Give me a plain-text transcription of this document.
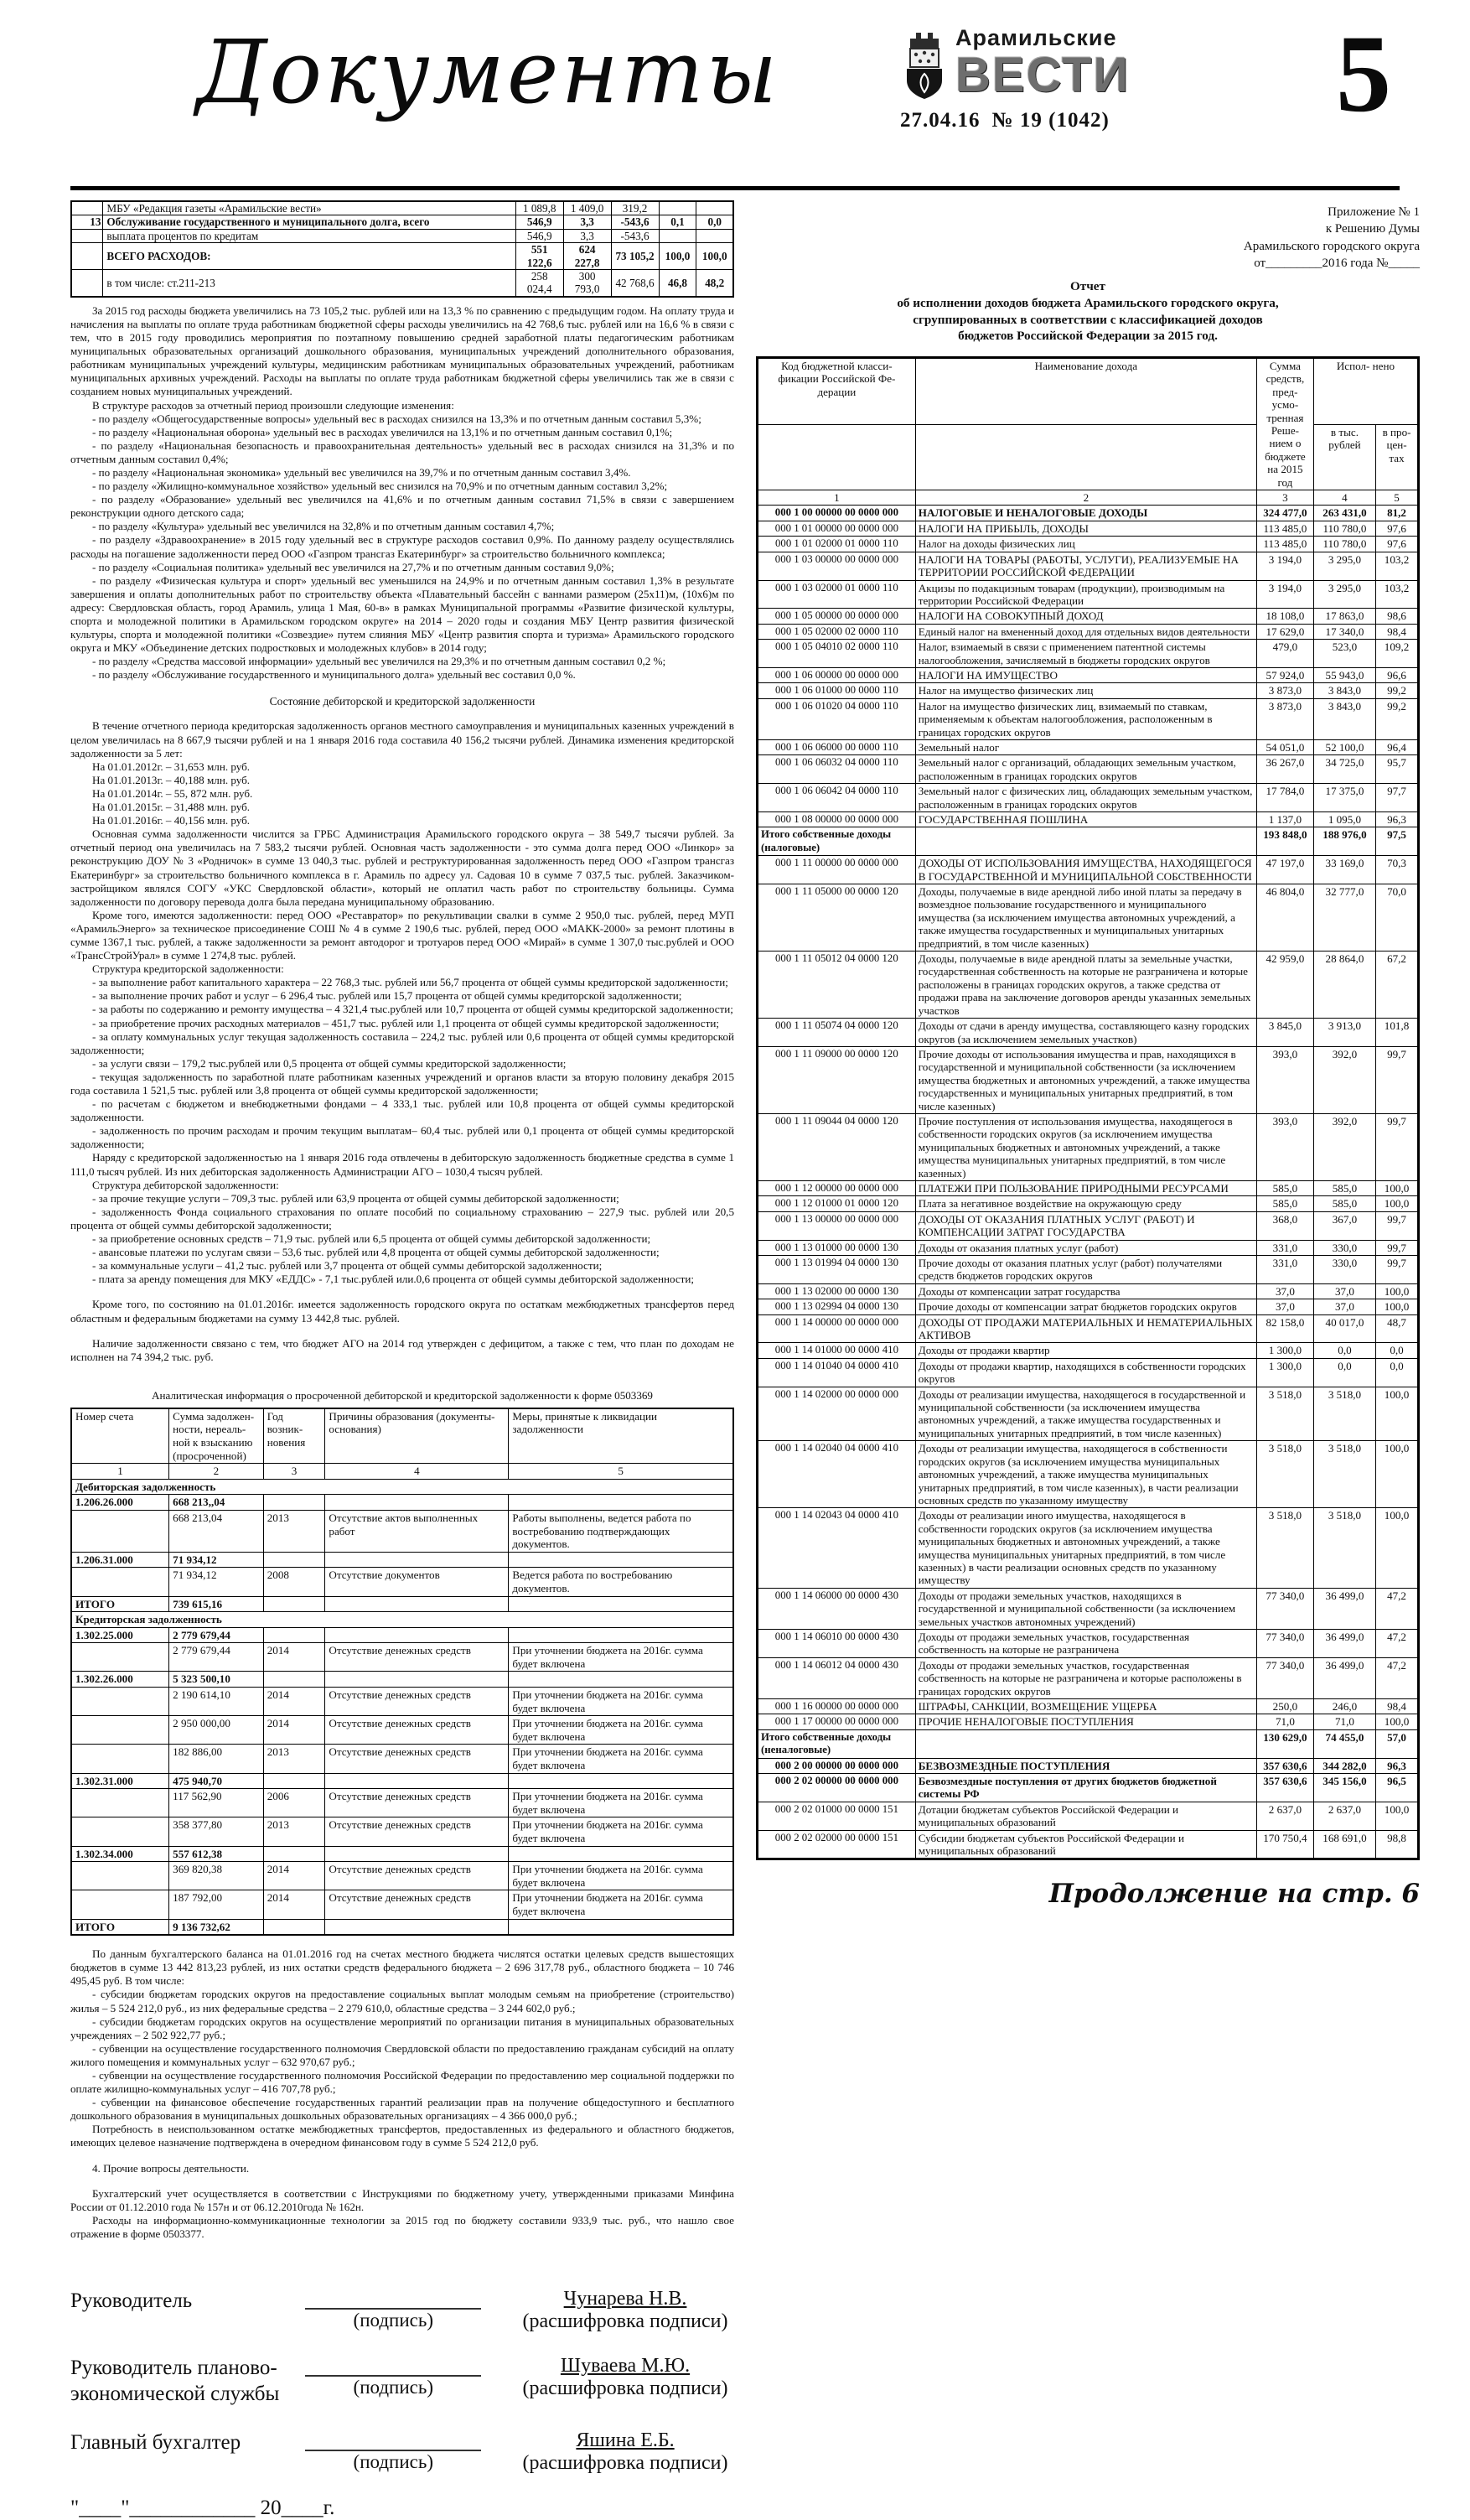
Документы	Арамильские
ВЕСТИ
27.04.16 № 19 (1042)	5
	МБУ «Редакция газеты «Арамильские вести»	1 089,8	1 409,0	319,2		
13	Обслуживание государственного и муниципального долга, всего	546,9	3,3	-543,6	0,1	0,0
	выплата процентов по кредитам	546,9	3,3	-543,6		
	ВСЕГО РАСХОДОВ:	551 122,6	624 227,8	73 105,2	100,0	100,0
	в том числе: ст.211-213	258 024,4	300 793,0	42 768,6	46,8	48,2

За 2015 год расходы бюджета увеличились на 73 105,2 тыс. рублей или на 13,3 % по сравнению с предыдущим годом. На оплату труда и начисления на выплаты по оплате труда работникам бюджетной сферы расходы увеличились на 42 768,6 тыс. рублей или на 16,6 % в связи с тем, что в 2015 году проводились мероприятия по поэтапному повышению средней заработной платы педагогическим работникам муниципальных образовательных организаций дошкольного образования, муниципальных учреждений дополнительного образования, работникам муниципальных учреждений культуры, медицинским работникам муниципальных образовательных учреждений, работникам муниципальных архивных учреждений. Расходы на выплаты по оплате труда работникам бюджетной сферы увеличились так же в связи с созданием новых муниципальных учреждений.

В структуре расходов за отчетный период произошли следующие изменения:

- по разделу «Общегосударственные вопросы» удельный вес в расходах снизился на 13,3% и по отчетным данным составил 5,3%;

- по разделу «Национальная оборона» удельный вес в расходах увеличился на 13,1% и по отчетным данным составил 0,1%;

- по разделу «Национальная безопасность и правоохранительная деятельность» удельный вес в расходах снизился на 31,3% и по отчетным данным составил 0,4%;

- по разделу «Национальная экономика» удельный вес увеличился на 39,7% и по отчетным данным составил 3,4%.

- по разделу «Жилищно-коммунальное хозяйство» удельный вес снизился на 70,9% и по отчетным данным составил 3,2%;

- по разделу «Образование» удельный вес увеличился на 41,6% и по отчетным данным составил 71,5% в связи с завершением реконструкции одного детского сада;

- по разделу «Культура» удельный вес увеличился на 32,8% и по отчетным данным составил 4,7%;

- по разделу «Здравоохранение» в 2015 году удельный вес в структуре расходов составил 0,9%. По данному разделу осуществлялись расходы на погашение задолженности перед ООО «Газпром трансгаз Екатеринбург» за строительство больничного комплекса;

- по разделу «Социальная политика» удельный вес увеличился на 27,7% и по отчетным данным составил 9,0%;

- по разделу «Физическая культура и спорт» удельный вес уменьшился на 24,9% и по отчетным данным составил 1,3% в результате завершения и оплаты дополнительных работ по строительству объекта «Плавательный бассейн с ваннами размером (25х11)м, (10х6)м по адресу: Свердловская область, город Арамиль, улица 1 Мая, 60-в» в рамках Муниципальной программы «Развитие физической культуры, спорта и молодежной политики в Арамильском городском округе» на 2014 – 2020 годы и создания МБУ Центр развития физической культуры, спорта и молодежной политики «Созвездие» путем слияния МБУ «Центр развития спорта и туризма» Арамильского городского округа и МКУ «Объединение детских подростковых и молодежных клубов» в 2014 году;

- по разделу «Средства массовой информации» удельный вес увеличился на 29,3% и по отчетным данным составил 0,2 %;

- по разделу «Обслуживание государственного и муниципального долга» удельный вес составил 0,0 %.

Состояние дебиторской и кредиторской задолженности

В течение отчетного периода кредиторская задолженность органов местного самоуправления и муниципальных казенных учреждений в целом увеличилась на 8 667,9 тысячи рублей и на 1 января 2016 года составила 40 156,2 тысячи рублей. Динамика изменения кредиторской задолженности за 5 лет:

На 01.01.2012г. – 31,653 млн. руб.

На 01.01.2013г. – 40,188 млн. руб.

На 01.01.2014г. – 55, 872 млн. руб.

На 01.01.2015г. – 31,488 млн. руб.

На 01.01.2016г. – 40,156 млн. руб.

Основная сумма задолженности числится за ГРБС Администрация Арамильского городского округа – 38 549,7 тысячи рублей. За отчетный период она увеличилась на 7 583,2 тысячи рублей. Основная часть задолженности - это сумма долга перед ООО «Линкор» за реконструкцию ДОУ № 3 «Родничок» в сумме 13 040,3 тыс. рублей и реструктурированная задолженность перед ООО «Газпром трансгаз Екатеринбург» за строительство больничного комплекса в г. Арамиль по адресу ул. Садовая 10 в сумме 7 037,5 тыс. рублей. Заказчиком-застройщиком являлся СОГУ «УКС Свердловской области», который не оплатил часть работ по строительству больницы. Сумма задолженности по договору перевода долга была передана муниципальному образованию.

Кроме того, имеются задолженности: перед ООО «Реставратор» по рекультивации свалки в сумме 2 950,0 тыс. рублей, перед МУП «АрамильЭнерго» за техническое присоединение СОШ № 4 в сумме 2 190,6 тыс. рублей, перед ООО «МАКК-2000» за ремонт плотины в сумме 1367,1 тыс. рублей, а также задолженности за ремонт автодорог и тротуаров перед ООО «Мирай» в сумме 1 307,0 тыс.рублей и ООО «ТрансСтройУрал» в сумме 1 274,8 тыс. рублей.

Структура кредиторской задолженности:

- за выполнение работ капитального характера – 22 768,3 тыс. рублей или 56,7 процента от общей суммы кредиторской задолженности;

- за выполнение прочих работ и услуг – 6 296,4 тыс. рублей или 15,7 процента от общей суммы кредиторской задолженности;

- за работы по содержанию и ремонту имущества – 4 321,4 тыс.рублей или 10,7 процента от общей суммы кредиторской задолженности;

- за приобретение прочих расходных материалов – 451,7 тыс. рублей или 1,1 процента от общей суммы кредиторской задолженности;

- за оплату коммунальных услуг текущая задолженность составила – 224,2 тыс. рублей или 0,6 процента от общей суммы кредиторской задолженности;

- за услуги связи – 179,2 тыс.рублей или 0,5 процента от общей суммы кредиторской задолженности;

- текущая задолженность по заработной плате работникам казенных учреждений и органов власти за вторую половину декабря 2015 года составила 1 521,5 тыс. рублей или 3,8 процента от общей суммы кредиторской задолженности;

- по расчетам с бюджетом и внебюджетными фондами – 4 333,1 тыс. рублей или 10,8 процента от общей суммы кредиторской задолженности.

- задолженность по прочим расходам и прочим текущим выплатам– 60,4 тыс. рублей или 0,1 процента от общей суммы кредиторской задолженности;

Наряду с кредиторской задолженностью на 1 января 2016 года отвлечены в дебиторскую задолженность бюджетные средства в сумме 1 111,0 тысяч рублей. Из них дебиторская задолженность Администрации АГО – 1030,4 тысяч рублей.

Структура дебиторской задолженности:

- за прочие текущие услуги – 709,3 тыс. рублей или 63,9 процента от общей суммы дебиторской задолженности;

- задолженность Фонда социального страхования по оплате пособий по социальному страхованию – 227,9 тыс. рублей или 20,5 процента от общей суммы дебиторской задолженности;

- за приобретение основных средств – 71,9 тыс. рублей или 6,5 процента от общей суммы дебиторской задолженности;

- авансовые платежи по услугам связи – 53,6 тыс. рублей или 4,8 процента от общей суммы дебиторской задолженности;

- за коммунальные услуги – 41,2 тыс. рублей или 3,7 процента от общей суммы дебиторской задолженности;

- плата за аренду помещения для МКУ «ЕДДС» - 7,1 тыс.рублей или.0,6 процента от общей суммы дебиторской задолженности;

Кроме того, по состоянию на 01.01.2016г. имеется задолженность городского округа по остаткам межбюджетных трансфертов перед областным и федеральным бюджетами на сумму 13 442,8 тыс. рублей.

Наличие задолженности связано с тем, что бюджет АГО на 2014 год утвержден с дефицитом, а также с тем, что план по доходам не исполнен на 74 394,2 тыс. руб.

Аналитическая информация о просроченной дебиторской и кредиторской задолженности к форме 0503369
Номер счета	Сумма задолжен- ности, нереаль- ной к взысканию (просроченной)	Год возник- новения	Причины образования (документы- основания)	Меры, принятые к ликвидации задолженности
1	2	3	4	5
Дебиторская задолженность				
1.206.26.000	668 213,,04			
	668 213,04	2013	Отсутствие актов выполненных работ	Работы выполнены, ведется работа по востребованию подтверждающих документов.
1.206.31.000	71 934,12			
	71 934,12	2008	Отсутствие документов	Ведется работа по востребованию документов.
ИТОГО	739 615,16			
Кредиторская задолженность				
1.302.25.000	2 779 679,44			
	2 779 679,44	2014	Отсутствие денежных средств	При уточнении бюджета на 2016г. сумма будет включена
1.302.26.000	5 323 500,10			
	2 190 614,10	2014	Отсутствие денежных средств	При уточнении бюджета на 2016г. сумма будет включена
	2 950 000,00	2014	Отсутствие денежных средств	При уточнении бюджета на 2016г. сумма будет включена
	182 886,00	2013	Отсутствие денежных средств	При уточнении бюджета на 2016г. сумма будет включена
1.302.31.000	475 940,70			
	117 562,90	2006	Отсутствие денежных средств	При уточнении бюджета на 2016г. сумма будет включена
	358 377,80	2013	Отсутствие денежных средств	При уточнении бюджета на 2016г. сумма будет включена
1.302.34.000	557 612,38			
	369 820,38	2014	Отсутствие денежных средств	При уточнении бюджета на 2016г. сумма будет включена
	187 792,00	2014	Отсутствие денежных средств	При уточнении бюджета на 2016г. сумма будет включена
ИТОГО	9 136 732,62			

По данным бухгалтерского баланса на 01.01.2016 год на счетах местного бюджета числятся остатки целевых средств вышестоящих бюджетов в сумме 13 442 813,23 рублей, из них остатки средств федерального бюджета – 2 696 317,78 руб., областного бюджета – 10 746 495,45 руб. В том числе:

- субсидии бюджетам городских округов на предоставление социальных выплат молодым семьям на приобретение (строительство) жилья – 5 524 212,0 руб., из них федеральные средства – 2 279 610,0, областные средства – 3 244 602,0 руб.;

- субсидии бюджетам городских округов на осуществление мероприятий по организации питания в муниципальных образовательных учреждениях – 2 502 922,77 руб.;

- субвенции на осуществление государственного полномочия Свердловской области по предоставлению гражданам субсидий на оплату жилого помещения и коммунальных услуг – 632 970,67 руб.;

- субвенции на осуществление государственного полномочия Российской Федерации по предоставлению мер социальной поддержки по оплате жилищно-коммунальных услуг – 416 707,78 руб.;

- субвенции на финансовое обеспечение государственных гарантий реализации прав на получение общедоступного и бесплатного дошкольного образования в муниципальных дошкольных образовательных организациях – 4 366 000,0 руб.;

Потребность в неиспользованном остатке межбюджетных трансфертов, предоставленных из федерального и областного бюджетов, имеющих целевое назначение подтверждена в очередном финансовом году в сумме 5 524 212,0 руб.

4. Прочие вопросы деятельности.

Бухгалтерский учет осуществляется в соответствии с Инструкциями по бюджетному учету, утвержденными приказами Минфина России от 01.12.2010 года № 157н и от 06.12.2010года № 162н.

Расходы на информационно-коммуникационные технологии за 2015 год по бюджету составили 933,9 тыс. руб., что нашло свое отражение в форме 0503377.

Руководитель
(подпись)
Чунарева Н.В.
(расшифровка подписи)
Руководитель планово-экономической службы	(подпись)
Шуваева М.Ю.
(расшифровка подписи)
Главный бухгалтер
(подпись)
Яшина Е.Б.
(расшифровка подписи)
"____"____________ 20____г.
Приложение № 1
к Решению Думы
Арамильского городского округа
от_________2016 года №_____
Отчет
об исполнении доходов бюджета Арамильского городского округа,
сгруппированных в соответствии с классификацией доходов
бюджетов Российской Федерации за 2015 год.
Код бюджетной класси- фикации Российской Фе- дерации	Наименование дохода	Сумма средств, пред- усмо- тренная Реше- нием о бюджете на 2015 год	Испол- нено	
			в тыс. рублей	в про- цен- тах
1	2	3	4	5
000 1 00 00000 00 0000 000	НАЛОГОВЫЕ И НЕНАЛОГОВЫЕ ДОХОДЫ	324 477,0	263 431,0	81,2
000 1 01 00000 00 0000 000	НАЛОГИ НА ПРИБЫЛЬ, ДОХОДЫ	113 485,0	110 780,0	97,6
000 1 01 02000 01 0000 110	Налог на доходы физических лиц	113 485,0	110 780,0	97,6
000 1 03 00000 00 0000 000	НАЛОГИ НА ТОВАРЫ (РАБОТЫ, УСЛУГИ), РЕАЛИЗУЕМЫЕ НА ТЕРРИТОРИИ РОССИЙСКОЙ ФЕДЕРАЦИИ	3 194,0	3 295,0	103,2
000 1 03 02000 01 0000 110	Акцизы по подакцизным товарам (продукции), производимым на территории Российской Федерации	3 194,0	3 295,0	103,2
000 1 05 00000 00 0000 000	НАЛОГИ НА СОВОКУПНЫЙ ДОХОД	18 108,0	17 863,0	98,6
000 1 05 02000 02 0000 110	Единый налог на вмененный доход для отдельных видов деятельности	17 629,0	17 340,0	98,4
000 1 05 04010 02 0000 110	Налог, взимаемый в связи с применением патентной системы налогообложения, зачисляемый в бюджеты городских округов	479,0	523,0	109,2
000 1 06 00000 00 0000 000	НАЛОГИ НА ИМУЩЕСТВО	57 924,0	55 943,0	96,6
000 1 06 01000 00 0000 110	Налог на имущество физических лиц	3 873,0	3 843,0	99,2
000 1 06 01020 04 0000 110	Налог на имущество физических лиц, взимаемый по ставкам, применяемым к объектам налогообложения, расположенным в границах городских округов	3 873,0	3 843,0	99,2
000 1 06 06000 00 0000 110	Земельный налог	54 051,0	52 100,0	96,4
000 1 06 06032 04 0000 110	Земельный налог с организаций, обладающих земельным участком, расположенным в границах городских округов	36 267,0	34 725,0	95,7
000 1 06 06042 04 0000 110	Земельный налог с физических лиц, обладающих земельным участком, расположенным в границах городских округов	17 784,0	17 375,0	97,7
000 1 08 00000 00 0000 000	ГОСУДАРСТВЕННАЯ ПОШЛИНА	1 137,0	1 095,0	96,3
Итого собственные доходы (налоговые)		193 848,0	188 976,0	97,5
000 1 11 00000 00 0000 000	ДОХОДЫ ОТ ИСПОЛЬЗОВАНИЯ ИМУЩЕСТВА, НАХОДЯЩЕГОСЯ В ГОСУДАРСТВЕННОЙ И МУНИЦИПАЛЬНОЙ СОБСТВЕННОСТИ	47 197,0	33 169,0	70,3
000 1 11 05000 00 0000 120	Доходы, получаемые в виде арендной либо иной платы за передачу в возмездное пользование государственного и муниципального имущества (за исключением имущества автономных учреждений, а также имущества государственных и муниципальных унитарных предприятий, в том числе казенных)	46 804,0	32 777,0	70,0
000 1 11 05012 04 0000 120	Доходы, получаемые в виде арендной платы за земельные участки, государственная собственность на которые не разграничена и которые расположены в границах городских округов, а также средства от продажи права на заключение договоров аренды указанных земельных участков	42 959,0	28 864,0	67,2
000 1 11 05074 04 0000 120	Доходы от сдачи в аренду имущества, составляющего казну городских округов (за исключением земельных участков)	3 845,0	3 913,0	101,8
000 1 11 09000 00 0000 120	Прочие доходы от использования имущества и прав, находящихся в государственной и муниципальной собственности (за исключением имущества бюджетных и автономных учреждений, а также имущества государственных и муниципальных унитарных предприятий, в том числе казенных)	393,0	392,0	99,7
000 1 11 09044 04 0000 120	Прочие поступления от использования имущества, находящегося в собственности городских округов (за исключением имущества муниципальных бюджетных и автономных учреждений, а также имущества муниципальных унитарных предприятий, в том числе казенных)	393,0	392,0	99,7
000 1 12 00000 00 0000 000	ПЛАТЕЖИ ПРИ ПОЛЬЗОВАНИЕ ПРИРОДНЫМИ РЕСУРСАМИ	585,0	585,0	100,0
000 1 12 01000 01 0000 120	Плата за негативное воздействие на окружающую среду	585,0	585,0	100,0
000 1 13 00000 00 0000 000	ДОХОДЫ ОТ ОКАЗАНИЯ ПЛАТНЫХ УСЛУГ (РАБОТ) И КОМПЕНСАЦИИ ЗАТРАТ ГОСУДАРСТВА	368,0	367,0	99,7
000 1 13 01000 00 0000 130	Доходы от оказания платных услуг (работ)	331,0	330,0	99,7
000 1 13 01994 04 0000 130	Прочие доходы от оказания платных услуг (работ) получателями средств бюджетов городских округов	331,0	330,0	99,7
000 1 13 02000 00 0000 130	Доходы от компенсации затрат государства	37,0	37,0	100,0
000 1 13 02994 04 0000 130	Прочие доходы от компенсации затрат бюджетов городских округов	37,0	37,0	100,0
000 1 14 00000 00 0000 000	ДОХОДЫ ОТ ПРОДАЖИ МАТЕРИАЛЬНЫХ И НЕМАТЕРИАЛЬНЫХ АКТИВОВ	82 158,0	40 017,0	48,7
000 1 14 01000 00 0000 410	Доходы от продажи квартир	1 300,0	0,0	0,0
000 1 14 01040 04 0000 410	Доходы от продажи квартир, находящихся в собственности городских округов	1 300,0	0,0	0,0
000 1 14 02000 00 0000 000	Доходы от реализации имущества, находящегося в государственной и муниципальной собственности (за исключением имущества автономных учреждений, а также имущества государственных и муниципальных унитарных предприятий, в том числе казенных)	3 518,0	3 518,0	100,0
000 1 14 02040 04 0000 410	Доходы от реализации имущества, находящегося в собственности городских округов (за исключением имущества муниципальных автономных учреждений, а также имущества муниципальных унитарных предприятий, в том числе казенных), в части реализации основных средств по указанному имуществу	3 518,0	3 518,0	100,0
000 1 14 02043 04 0000 410	Доходы от реализации иного имущества, находящегося в собственности городских округов (за исключением имущества муниципальных бюджетных и автономных учреждений, а также имущества муниципальных унитарных предприятий, в том числе казенных) в части реализации основных средств по указанному имуществу	3 518,0	3 518,0	100,0
000 1 14 06000 00 0000 430	Доходы от продажи земельных участков, находящихся в государственной и муниципальной собственности (за исключением земельных участков автономных учреждений)	77 340,0	36 499,0	47,2
000 1 14 06010 00 0000 430	Доходы от продажи земельных участков, государственная собственность на которые не разграничена	77 340,0	36 499,0	47,2
000 1 14 06012 04 0000 430	Доходы от продажи земельных участков, государственная собственность на которые не разграничена и которые расположены в границах городских округов	77 340,0	36 499,0	47,2
000 1 16 00000 00 0000 000	ШТРАФЫ, САНКЦИИ, ВОЗМЕЩЕНИЕ УЩЕРБА	250,0	246,0	98,4
000 1 17 00000 00 0000 000	ПРОЧИЕ НЕНАЛОГОВЫЕ ПОСТУПЛЕНИЯ	71,0	71,0	100,0
Итого собственные доходы (неналоговые)		130 629,0	74 455,0	57,0
000 2 00 00000 00 0000 000	БЕЗВОЗМЕЗДНЫЕ ПОСТУПЛЕНИЯ	357 630,6	344 282,0	96,3
000 2 02 00000 00 0000 000	Безвозмездные поступления от других бюджетов бюджетной системы РФ	357 630,6	345 156,0	96,5
000 2 02 01000 00 0000 151	Дотации бюджетам субъектов Российской Федерации и муниципальных образований	2 637,0	2 637,0	100,0
000 2 02 02000 00 0000 151	Субсидии бюджетам субъектов Российской Федерации и муниципальных образований	170 750,4	168 691,0	98,8
Продолжение на стр. 6
